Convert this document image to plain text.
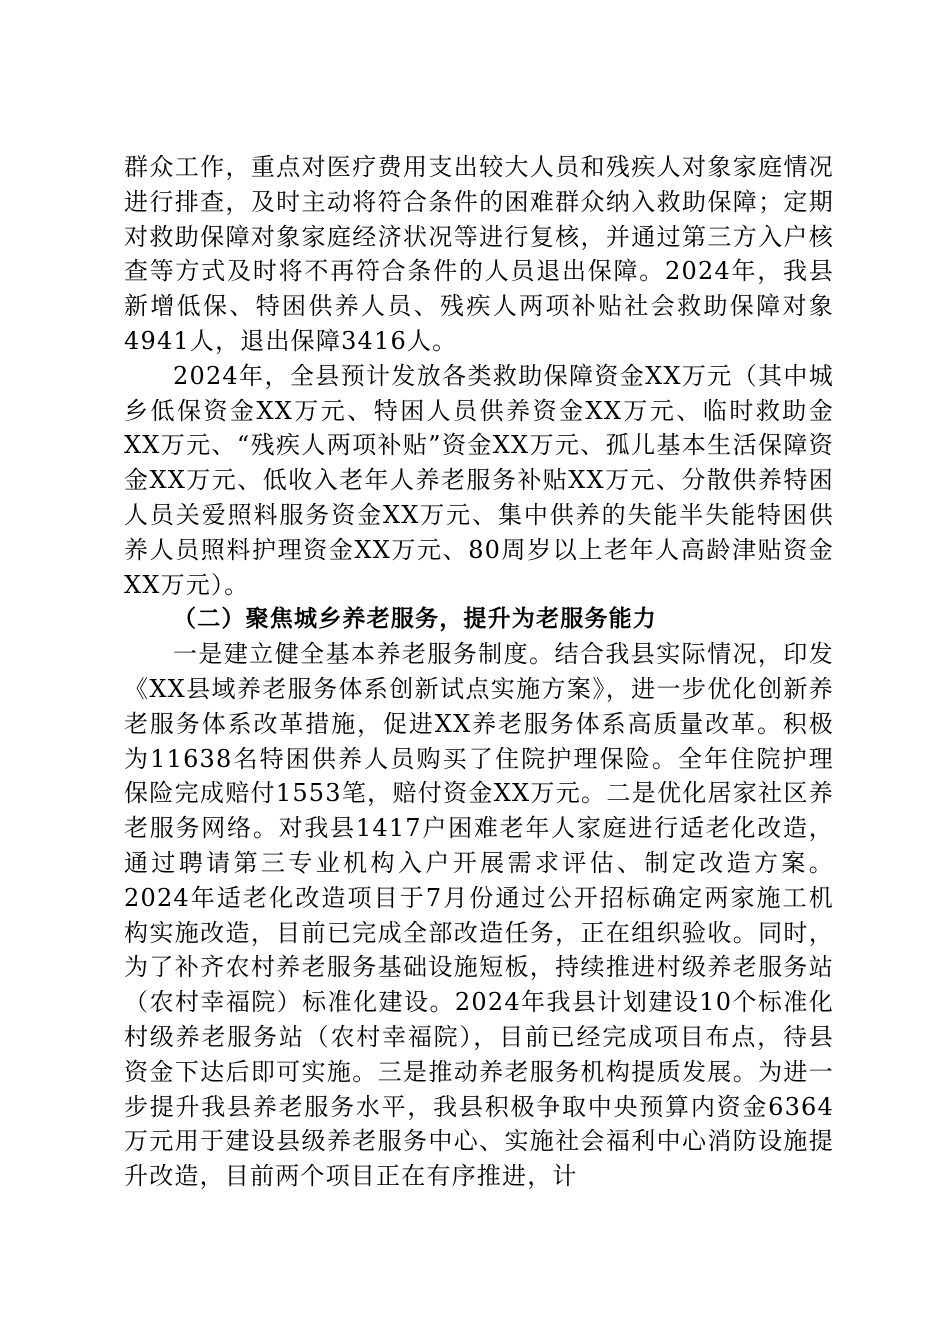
群众工作，重点对医疗费用支出较大人员和残疾人对象家庭情况进行排查，及时主动将符合条件的困难群众纳入救助保障；定期对救助保障对象家庭经济状况等进行复核，并通过第三方入户核查等方式及时将不再符合条件的人员退出保障。2024年，我县新增低保、特困供养人员、残疾人两项补贴社会救助保障对象4941人，退出保障3416人。

2024年，全县预计发放各类救助保障资金XX万元（其中城乡低保资金XX万元、特困人员供养资金XX万元、临时救助金XX万元、“残疾人两项补贴”资金XX万元、孤儿基本生活保障资金XX万元、低收入老年人养老服务补贴XX万元、分散供养特困人员关爱照料服务资金XX万元、集中供养的失能半失能特困供养人员照料护理资金XX万元、80周岁以上老年人高龄津贴资金XX万元）。

（二）聚焦城乡养老服务，提升为老服务能力

一是建立健全基本养老服务制度。结合我县实际情况，印发《XX县域养老服务体系创新试点实施方案》，进一步优化创新养老服务体系改革措施，促进XX养老服务体系高质量改革。积极为11638名特困供养人员购买了住院护理保险。全年住院护理保险完成赔付1553笔，赔付资金XX万元。二是优化居家社区养老服务网络。对我县1417户困难老年人家庭进行适老化改造，通过聘请第三专业机构入户开展需求评估、制定改造方案。2024年适老化改造项目于7月份通过公开招标确定两家施工机构实施改造，目前已完成全部改造任务，正在组织验收。同时，为了补齐农村养老服务基础设施短板，持续推进村级养老服务站（农村幸福院）标准化建设。2024年我县计划建设10个标准化村级养老服务站（农村幸福院），目前已经完成项目布点，待县资金下达后即可实施。三是推动养老服务机构提质发展。为进一步提升我县养老服务水平，我县积极争取中央预算内资金6364万元用于建设县级养老服务中心、实施社会福利中心消防设施提升改造，目前两个项目正在有序推进，计
